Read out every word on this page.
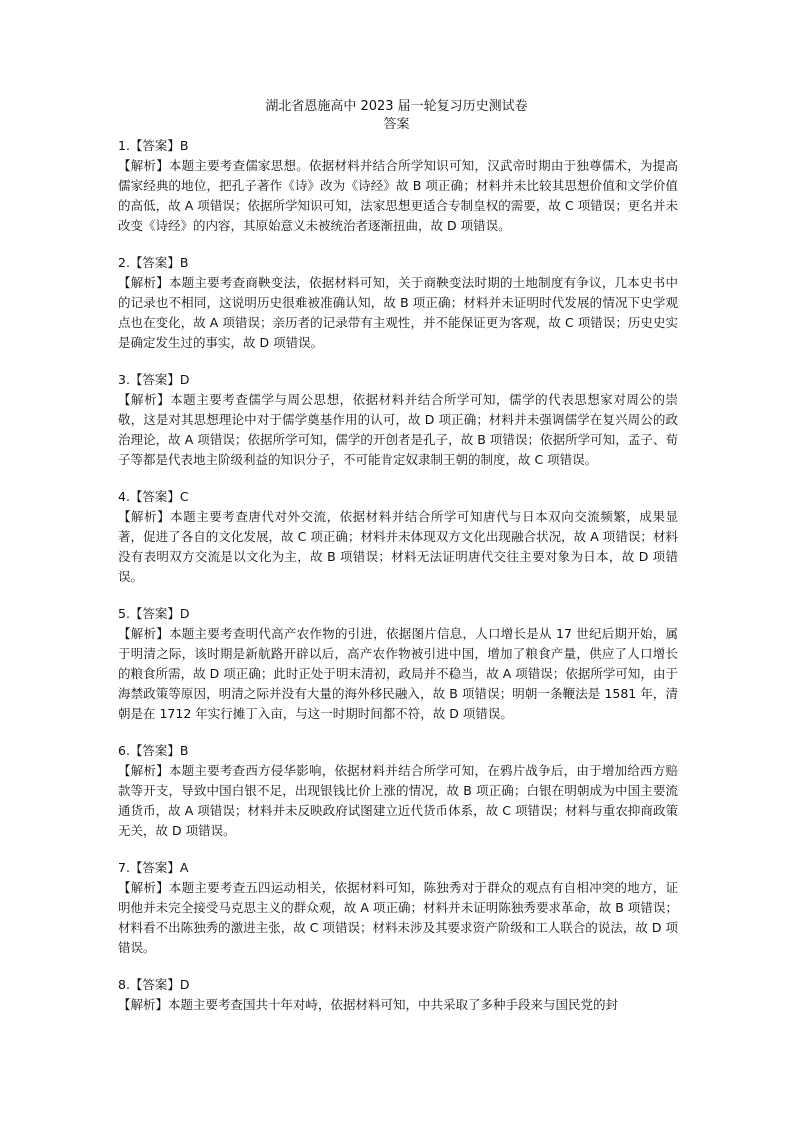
湖北省恩施高中 2023 届一轮复习历史测试卷
答案
1.【答案】B
【解析】本题主要考查儒家思想。依据材料并结合所学知识可知，汉武帝时期由于独尊儒术，为提高儒家经典的地位，把孔子著作《诗》改为《诗经》故 B 项正确；材料并未比较其思想价值和文学价值的高低，故 A 项错误；依据所学知识可知，法家思想更适合专制皇权的需要，故 C 项错误；更名并未改变《诗经》的内容，其原始意义未被统治者逐渐扭曲，故 D 项错误。
2.【答案】B
【解析】本题主要考查商鞅变法，依据材料可知，关于商鞅变法时期的土地制度有争议，几本史书中的记录也不相同，这说明历史很难被准确认知，故 B 项正确；材料并未证明时代发展的情况下史学观点也在变化，故 A 项错误；亲历者的记录带有主观性，并不能保证更为客观，故 C 项错误；历史史实是确定发生过的事实，故 D 项错误。
3.【答案】D
【解析】本题主要考查儒学与周公思想，依据材料并结合所学可知，儒学的代表思想家对周公的崇敬，这是对其思想理论中对于儒学奠基作用的认可，故 D 项正确；材料并未强调儒学在复兴周公的政治理论，故 A 项错误；依据所学可知，儒学的开创者是孔子，故 B 项错误；依据所学可知，孟子、荀子等都是代表地主阶级利益的知识分子，不可能肯定奴隶制王朝的制度，故 C 项错误。
4.【答案】C
【解析】本题主要考查唐代对外交流，依据材料并结合所学可知唐代与日本双向交流频繁，成果显著，促进了各自的文化发展，故 C 项正确；材料并未体现双方文化出现融合状况，故 A 项错误；材料没有表明双方交流是以文化为主，故 B 项错误；材料无法证明唐代交往主要对象为日本，故 D 项错误。
5.【答案】D
【解析】本题主要考查明代高产农作物的引进，依据图片信息，人口增长是从 17 世纪后期开始，属于明清之际，该时期是新航路开辟以后，高产农作物被引进中国，增加了粮食产量，供应了人口增长的粮食所需，故 D 项正确；此时正处于明末清初，政局并不稳当，故 A 项错误；依据所学可知，由于海禁政策等原因，明清之际并没有大量的海外移民融入，故 B 项错误；明朝一条鞭法是 1581 年，清朝是在 1712 年实行摊丁入亩，与这一时期时间都不符，故 D 项错误。
6.【答案】B
【解析】本题主要考查西方侵华影响，依据材料并结合所学可知，在鸦片战争后，由于增加给西方赔款等开支，导致中国白银不足，出现银钱比价上涨的情况，故 B 项正确；白银在明朝成为中国主要流通货币，故 A 项错误；材料并未反映政府试图建立近代货币体系，故 C 项错误；材料与重农抑商政策无关，故 D 项错误。
7.【答案】A
【解析】本题主要考查五四运动相关，依据材料可知，陈独秀对于群众的观点有自相冲突的地方，证明他并未完全接受马克思主义的群众观，故 A 项正确；材料并未证明陈独秀要求革命，故 B 项错误；材料看不出陈独秀的激进主张，故 C 项错误；材料未涉及其要求资产阶级和工人联合的说法，故 D 项错误。
8.【答案】D
【解析】本题主要考查国共十年对峙，依据材料可知，中共采取了多种手段来与国民党的封
